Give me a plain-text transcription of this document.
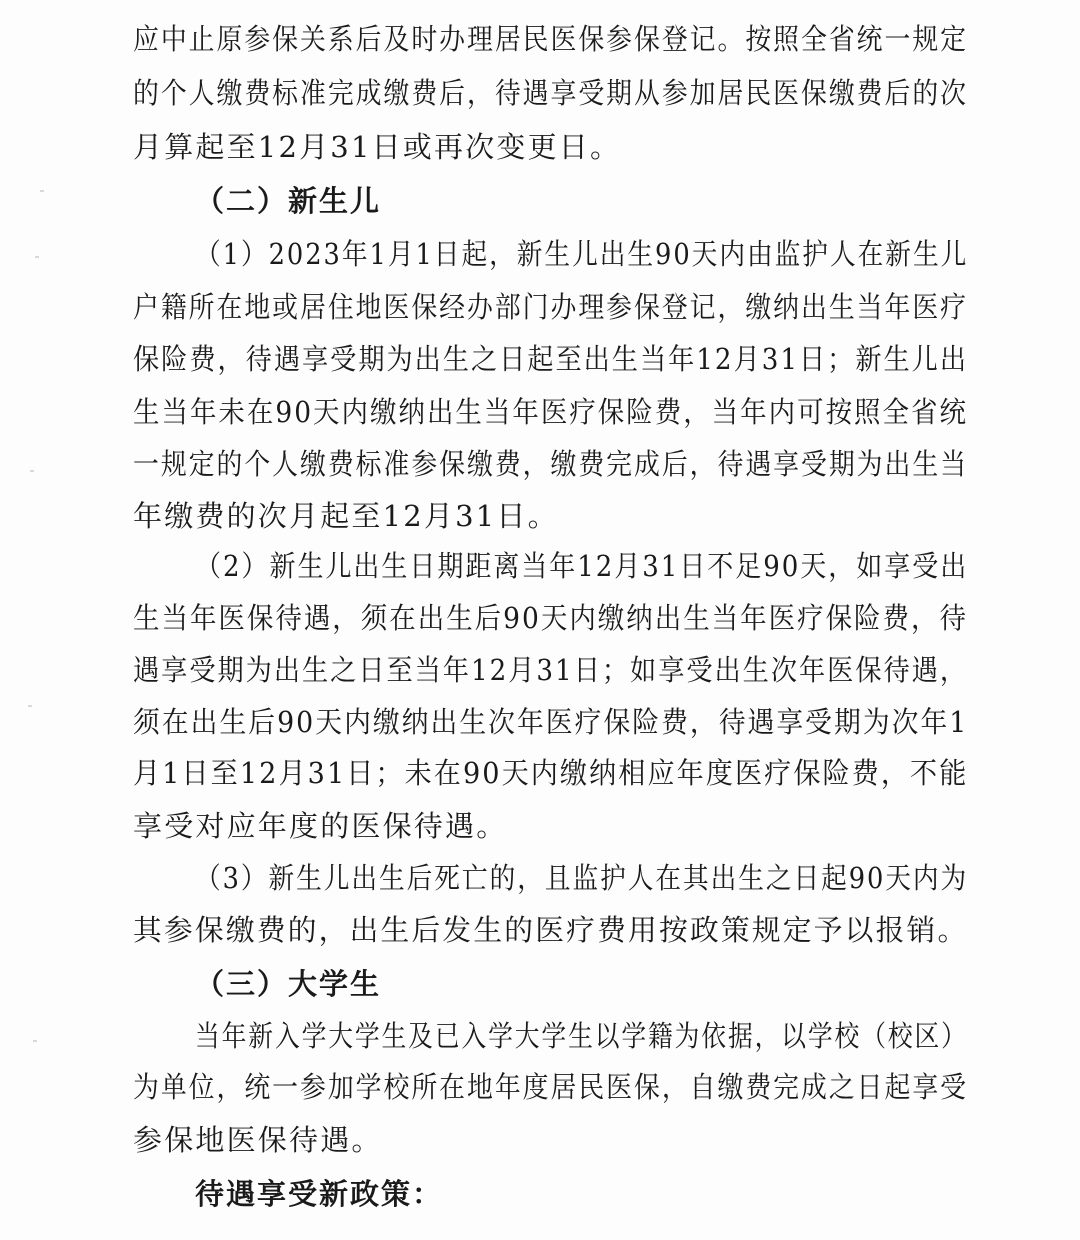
应中止原参保关系后及时办理居民医保参保登记。按照全省统一规定
的个人缴费标准完成缴费后，待遇享受期从参加居民医保缴费后的次
月算起至12月31日或再次变更日。
（二）新生儿
（1）2023年1月1日起，新生儿出生90天内由监护人在新生儿
户籍所在地或居住地医保经办部门办理参保登记，缴纳出生当年医疗
保险费，待遇享受期为出生之日起至出生当年12月31日；新生儿出
生当年未在90天内缴纳出生当年医疗保险费，当年内可按照全省统
一规定的个人缴费标准参保缴费，缴费完成后，待遇享受期为出生当
年缴费的次月起至12月31日。
（2）新生儿出生日期距离当年12月31日不足90天，如享受出
生当年医保待遇，须在出生后90天内缴纳出生当年医疗保险费，待
遇享受期为出生之日至当年12月31日；如享受出生次年医保待遇，
须在出生后90天内缴纳出生次年医疗保险费，待遇享受期为次年1
月1日至12月31日；未在90天内缴纳相应年度医疗保险费，不能
享受对应年度的医保待遇。
（3）新生儿出生后死亡的，且监护人在其出生之日起90天内为
其参保缴费的，出生后发生的医疗费用按政策规定予以报销。
（三）大学生
当年新入学大学生及已入学大学生以学籍为依据，以学校（校区）
为单位，统一参加学校所在地年度居民医保，自缴费完成之日起享受
参保地医保待遇。
待遇享受新政策：
